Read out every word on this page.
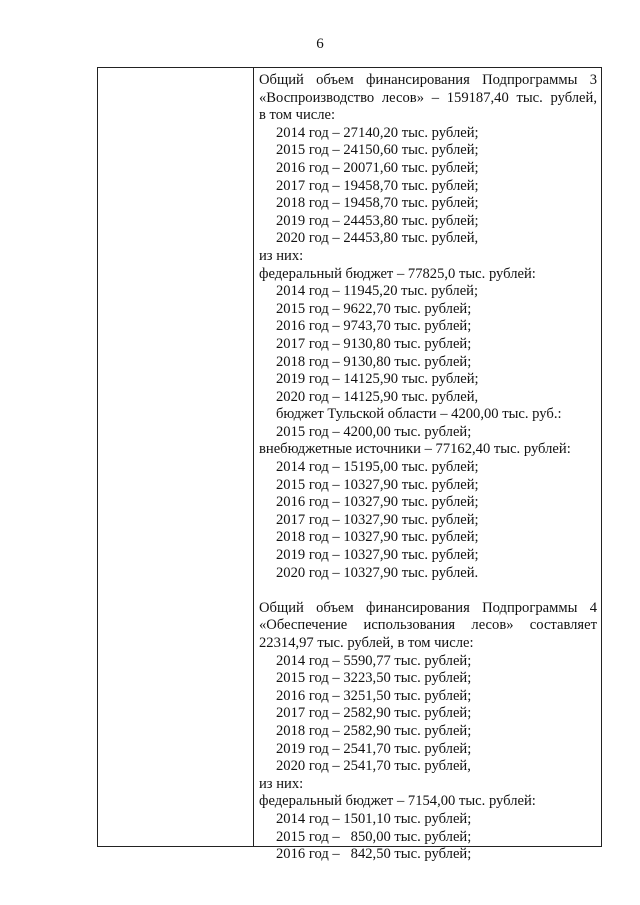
6
Общий объем финансирования Подпрограммы 3
«Воспроизводство лесов» – 159187,40 тыс. рублей,
в том числе:
2014 год – 27140,20 тыс. рублей;
2015 год – 24150,60 тыс. рублей;
2016 год – 20071,60 тыс. рублей;
2017 год – 19458,70 тыс. рублей;
2018 год – 19458,70 тыс. рублей;
2019 год – 24453,80 тыс. рублей;
2020 год – 24453,80 тыс. рублей,
из них:
федеральный бюджет – 77825,0 тыс. рублей:
2014 год – 11945,20 тыс. рублей;
2015 год – 9622,70 тыс. рублей;
2016 год – 9743,70 тыс. рублей;
2017 год – 9130,80 тыс. рублей;
2018 год – 9130,80 тыс. рублей;
2019 год – 14125,90 тыс. рублей;
2020 год – 14125,90 тыс. рублей,
бюджет Тульской области – 4200,00 тыс. руб.:
2015 год – 4200,00 тыс. рублей;
внебюджетные источники – 77162,40 тыс. рублей:
2014 год – 15195,00 тыс. рублей;
2015 год – 10327,90 тыс. рублей;
2016 год – 10327,90 тыс. рублей;
2017 год – 10327,90 тыс. рублей;
2018 год – 10327,90 тыс. рублей;
2019 год – 10327,90 тыс. рублей;
2020 год – 10327,90 тыс. рублей.
Общий объем финансирования Подпрограммы 4
«Обеспечение использования лесов» составляет
22314,97 тыс. рублей, в том числе:
2014 год – 5590,77 тыс. рублей;
2015 год – 3223,50 тыс. рублей;
2016 год – 3251,50 тыс. рублей;
2017 год – 2582,90 тыс. рублей;
2018 год – 2582,90 тыс. рублей;
2019 год – 2541,70 тыс. рублей;
2020 год – 2541,70 тыс. рублей,
из них:
федеральный бюджет – 7154,00 тыс. рублей:
2014 год – 1501,10 тыс. рублей;
2015 год –   850,00 тыс. рублей;
2016 год –   842,50 тыс. рублей;
